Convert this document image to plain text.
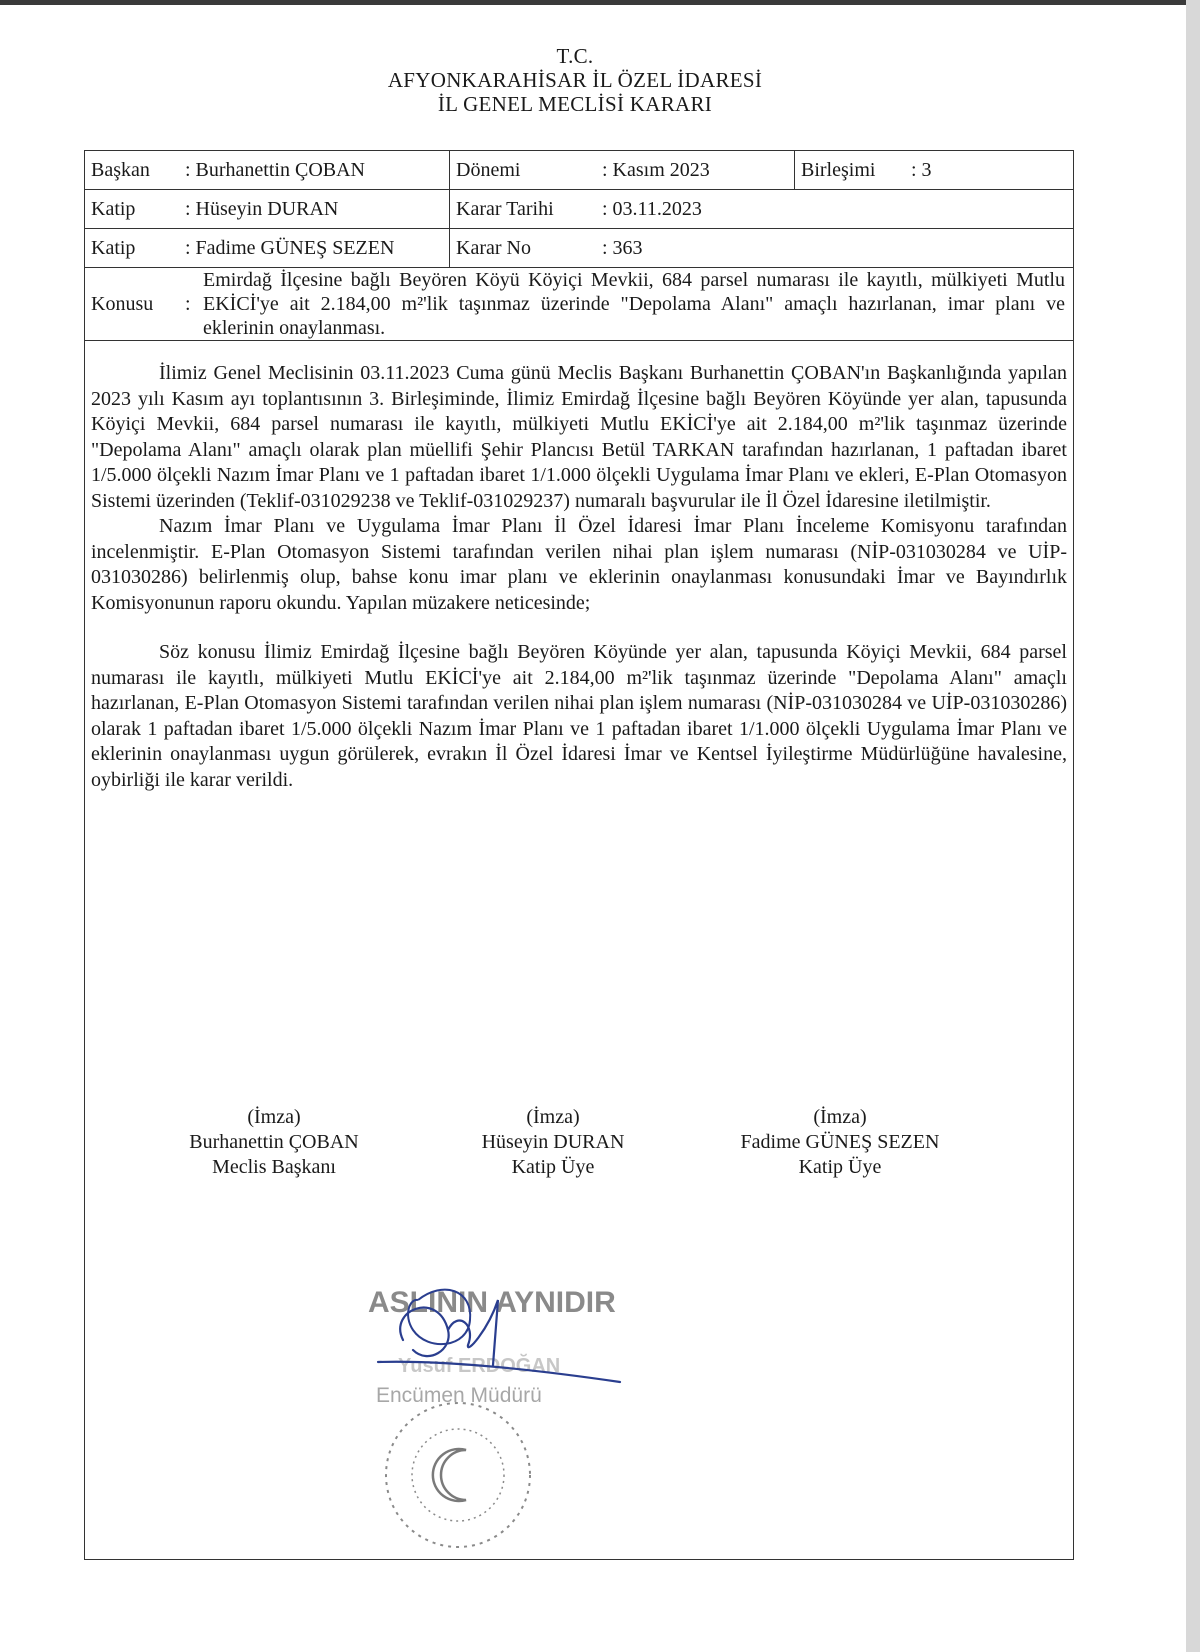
T.C.
AFYONKARAHİSAR İL ÖZEL İDARESİ
İL GENEL MECLİSİ KARARI
Başkan : Burhanettin ÇOBAN	Dönemi : Kasım 2023	Birleşimi : 3
Katip : Hüseyin DURAN	Karar Tarihi : 03.11.2023	
Katip : Fadime GÜNEŞ SEZEN	Karar No : 363	

Konusu :
Emirdağ İlçesine bağlı Beyören Köyü Köyiçi Mevkii, 684 parsel numarası ile kayıtlı, mülkiyeti Mutlu EKİCİ'ye ait 2.184,00 m²'lik taşınmaz üzerinde "Depolama Alanı" amaçlı hazırlanan, imar planı ve eklerinin onaylanması.		

İlimiz Genel Meclisinin 03.11.2023 Cuma günü Meclis Başkanı Burhanettin ÇOBAN'ın Başkanlığında yapılan 2023 yılı Kasım ayı toplantısının 3. Birleşiminde, İlimiz Emirdağ İlçesine bağlı Beyören Köyünde yer alan, tapusunda Köyiçi Mevkii, 684 parsel numarası ile kayıtlı, mülkiyeti Mutlu EKİCİ'ye ait 2.184,00 m²'lik taşınmaz üzerinde "Depolama Alanı" amaçlı olarak plan müellifi Şehir Plancısı Betül TARKAN tarafından hazırlanan, 1 paftadan ibaret 1/5.000 ölçekli Nazım İmar Planı ve 1 paftadan ibaret 1/1.000 ölçekli Uygulama İmar Planı ve ekleri, E-Plan Otomasyon Sistemi üzerinden (Teklif-031029238 ve Teklif-031029237) numaralı başvurular ile İl Özel İdaresine iletilmiştir.

Nazım İmar Planı ve Uygulama İmar Planı İl Özel İdaresi İmar Planı İnceleme Komisyonu tarafından incelenmiştir. E-Plan Otomasyon Sistemi tarafından verilen nihai plan işlem numarası (NİP-031030284 ve UİP-031030286) belirlenmiş olup, bahse konu imar planı ve eklerinin onaylanması konusundaki İmar ve Bayındırlık Komisyonunun raporu okundu. Yapılan müzakere neticesinde;

Söz konusu İlimiz Emirdağ İlçesine bağlı Beyören Köyünde yer alan, tapusunda Köyiçi Mevkii, 684 parsel numarası ile kayıtlı, mülkiyeti Mutlu EKİCİ'ye ait 2.184,00 m²'lik taşınmaz üzerinde "Depolama Alanı" amaçlı hazırlanan, E-Plan Otomasyon Sistemi tarafından verilen nihai plan işlem numarası (NİP-031030284 ve UİP-031030286) olarak 1 paftadan ibaret 1/5.000 ölçekli Nazım İmar Planı ve 1 paftadan ibaret 1/1.000 ölçekli Uygulama İmar Planı ve eklerinin onaylanması uygun görülerek, evrakın İl Özel İdaresi İmar ve Kentsel İyileştirme Müdürlüğüne havalesine, oybirliği ile karar verildi.

(İmza)
Burhanettin ÇOBAN
Meclis Başkanı
(İmza)
Hüseyin DURAN
Katip Üye
(İmza)
Fadime GÜNEŞ SEZEN
Katip Üye
ASLININ AYNIDIR
Yusuf ERDOĞAN
Encümen Müdürü
